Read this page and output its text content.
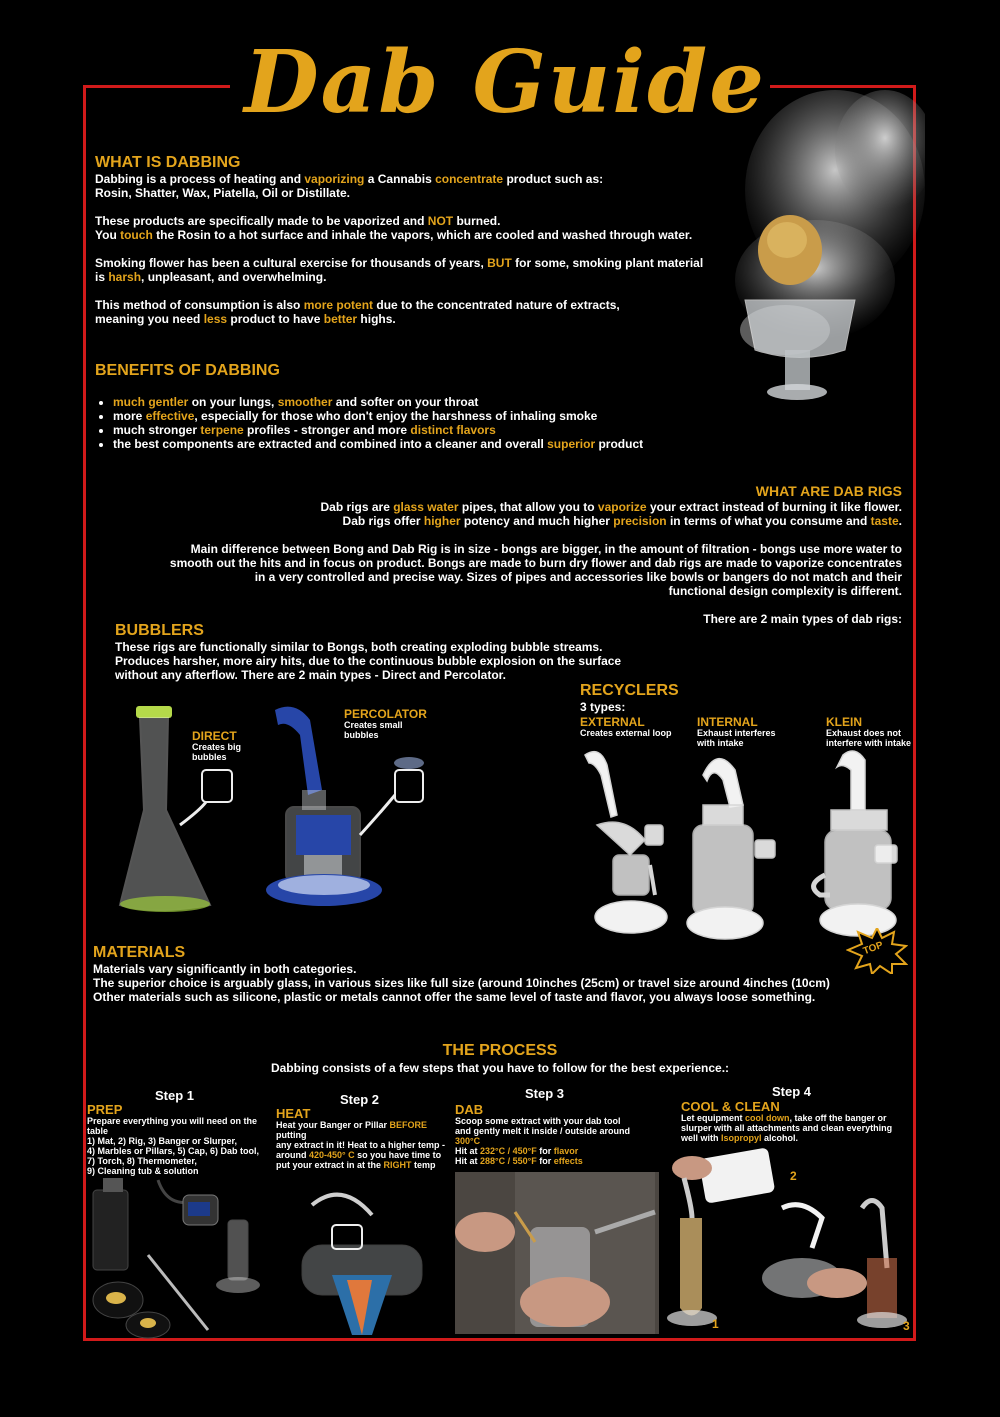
Dab Guide
WHAT IS DABBING

Dabbing is a process of heating and vaporizing a Cannabis concentrate product such as:

Rosin, Shatter, Wax, Piatella, Oil or Distillate.

These products are specifically made to be vaporized and NOT burned.

You touch the Rosin to a hot surface and inhale the vapors, which are cooled and washed through water.

Smoking flower has been a cultural exercise for thousands of years, BUT for some, smoking plant material

is harsh, unpleasant, and overwhelming.

This method of consumption is also more potent due to the concentrated nature of extracts,

meaning you need less product to have better highs.

BENEFITS OF DABBING
• much gentler on your lungs, smoother and softer on your throat
• more effective, especially for those who don't enjoy the harshness of inhaling smoke
• much stronger terpene profiles - stronger and more distinct flavors
• the best components are extracted and combined into a cleaner and overall superior product
WHAT ARE DAB RIGS

Dab rigs are glass water pipes, that allow you to vaporize your extract instead of burning it like flower.

Dab rigs offer higher potency and much higher precision in terms of what you consume and taste.

Main difference between Bong and Dab Rig is in size - bongs are bigger, in the amount of filtration - bongs use more water to

smooth out the hits and in focus on product. Bongs are made to burn dry flower and dab rigs are made to vaporize concentrates

in a very controlled and precise way. Sizes of pipes and accessories like bowls or bangers do not match and their

functional design complexity is different.

There are 2 main types of dab rigs:

BUBBLERS

These rigs are functionally similar to Bongs, both creating exploding bubble streams.

Produces harsher, more airy hits, due to the continuous bubble explosion on the surface

without any afterflow. There are 2 main types - Direct and Percolator.

DIRECT
Creates big
bubbles
PERCOLATOR
Creates small
bubbles
RECYCLERS
3 types:
EXTERNAL
Creates external loop
INTERNAL
Exhaust interferes
with intake
KLEIN
Exhaust does not
interfere with intake
TOP
MATERIALS

Materials vary significantly in both categories.

The superior choice is arguably glass, in various sizes like full size (around 10inches (25cm) or travel size around 4inches (10cm)

Other materials such as silicone, plastic or metals cannot offer the same level of taste and flavor, you always loose something.

THE PROCESS
Dabbing consists of a few steps that you have to follow for the best experience.:
Step 1	Step 2	Step 3	Step 4
PREP
Prepare everything you will need on the table
1) Mat, 2) Rig, 3) Banger or Slurper,
4) Marbles or Pillars, 5) Cap, 6) Dab tool,
7) Torch, 8) Thermometer,
9) Cleaning tub & solution
HEAT
Heat your Banger or Pillar BEFORE putting
any extract in it! Heat to a higher temp -
around 420-450° C so you have time to
put your extract in at the RIGHT temp
DAB
Scoop some extract with your dab tool
and gently melt it inside / outside around
300°C
Hit at 232°C / 450°F for flavor
Hit at 288°C / 550°F for effects
COOL & CLEAN
Let equipment cool down, take off the banger or
slurper with all attachments and clean everything
well with Isopropyl alcohol.
1
2
3
